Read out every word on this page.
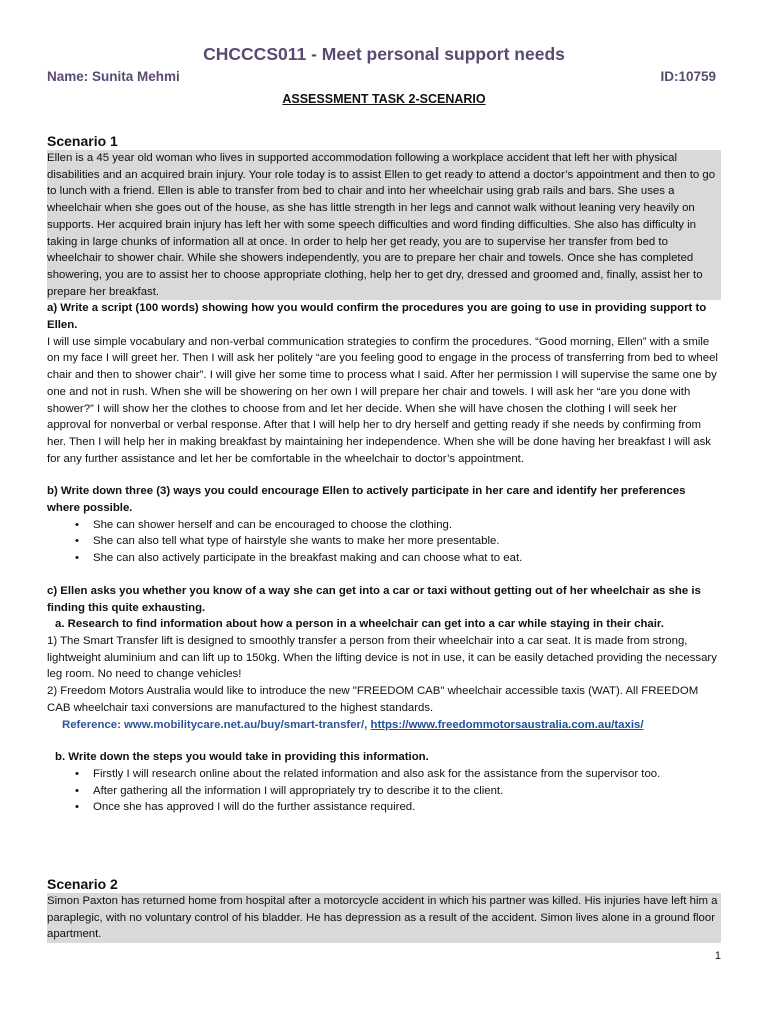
CHCCCS011 - Meet personal support needs
Name: Sunita Mehmi	ID:10759
ASSESSMENT TASK 2-SCENARIO
Scenario 1

Ellen is a 45 year old woman who lives in supported accommodation following a workplace accident that left her with physical disabilities and an acquired brain injury. Your role today is to assist Ellen to get ready to attend a doctor’s appointment and then to go to lunch with a friend. Ellen is able to transfer from bed to chair and into her wheelchair using grab rails and bars. She uses a wheelchair when she goes out of the house, as she has little strength in her legs and cannot walk without leaning very heavily on supports. Her acquired brain injury has left her with some speech difficulties and word finding difficulties. She also has difficulty in taking in large chunks of information all at once. In order to help her get ready, you are to supervise her transfer from bed to wheelchair to shower chair. While she showers independently, you are to prepare her chair and towels. Once she has completed showering, you are to assist her to choose appropriate clothing, help her to get dry, dressed and groomed and, finally, assist her to prepare her breakfast.

a) Write a script (100 words) showing how you would confirm the procedures you are going to use in providing support to Ellen.

I will use simple vocabulary and non-verbal communication strategies to confirm the procedures. “Good morning, Ellen” with a smile on my face I will greet her. Then I will ask her politely “are you feeling good to engage in the process of transferring from bed to wheel chair and then to shower chair”. I will give her some time to process what I said. After her permission I will supervise the same one by one and not in rush. When she will be showering on her own I will prepare her chair and towels. I will ask her “are you done with shower?” I will show her the clothes to choose from and let her decide. When she will have chosen the clothing I will seek her approval for nonverbal or verbal response. After that I will help her to dry herself and getting ready if she needs by confirming from her. Then I will help her in making breakfast by maintaining her independence. When she will be done having her breakfast I will ask for any further assistance and let her be comfortable in the wheelchair to doctor’s appointment.

b) Write down three (3) ways you could encourage Ellen to actively participate in her care and identify her preferences where possible.

• She can shower herself and can be encouraged to choose the clothing.
• She can also tell what type of hairstyle she wants to make her more presentable.
• She can also actively participate in the breakfast making and can choose what to eat.

c) Ellen asks you whether you know of a way she can get into a car or taxi without getting out of her wheelchair as she is finding this quite exhausting.

a. Research to find information about how a person in a wheelchair can get into a car while staying in their chair.

1) The Smart Transfer lift is designed to smoothly transfer a person from their wheelchair into a car seat. It is made from strong, lightweight aluminium and can lift up to 150kg. When the lifting device is not in use, it can be easily detached providing the necessary leg room. No need to change vehicles!

2) Freedom Motors Australia would like to introduce the new "FREEDOM CAB" wheelchair accessible taxis (WAT). All FREEDOM CAB wheelchair taxi conversions are manufactured to the highest standards.

Reference: www.mobilitycare.net.au/buy/smart-transfer/, https://www.freedommotorsaustralia.com.au/taxis/

b. Write down the steps you would take in providing this information.

• Firstly I will research online about the related information and also ask for the assistance from the supervisor too.
• After gathering all the information I will appropriately try to describe it to the client.
• Once she has approved I will do the further assistance required.
Scenario 2

Simon Paxton has returned home from hospital after a motorcycle accident in which his partner was killed. His injuries have left him a paraplegic, with no voluntary control of his bladder. He has depression as a result of the accident. Simon lives alone in a ground floor apartment.

1
